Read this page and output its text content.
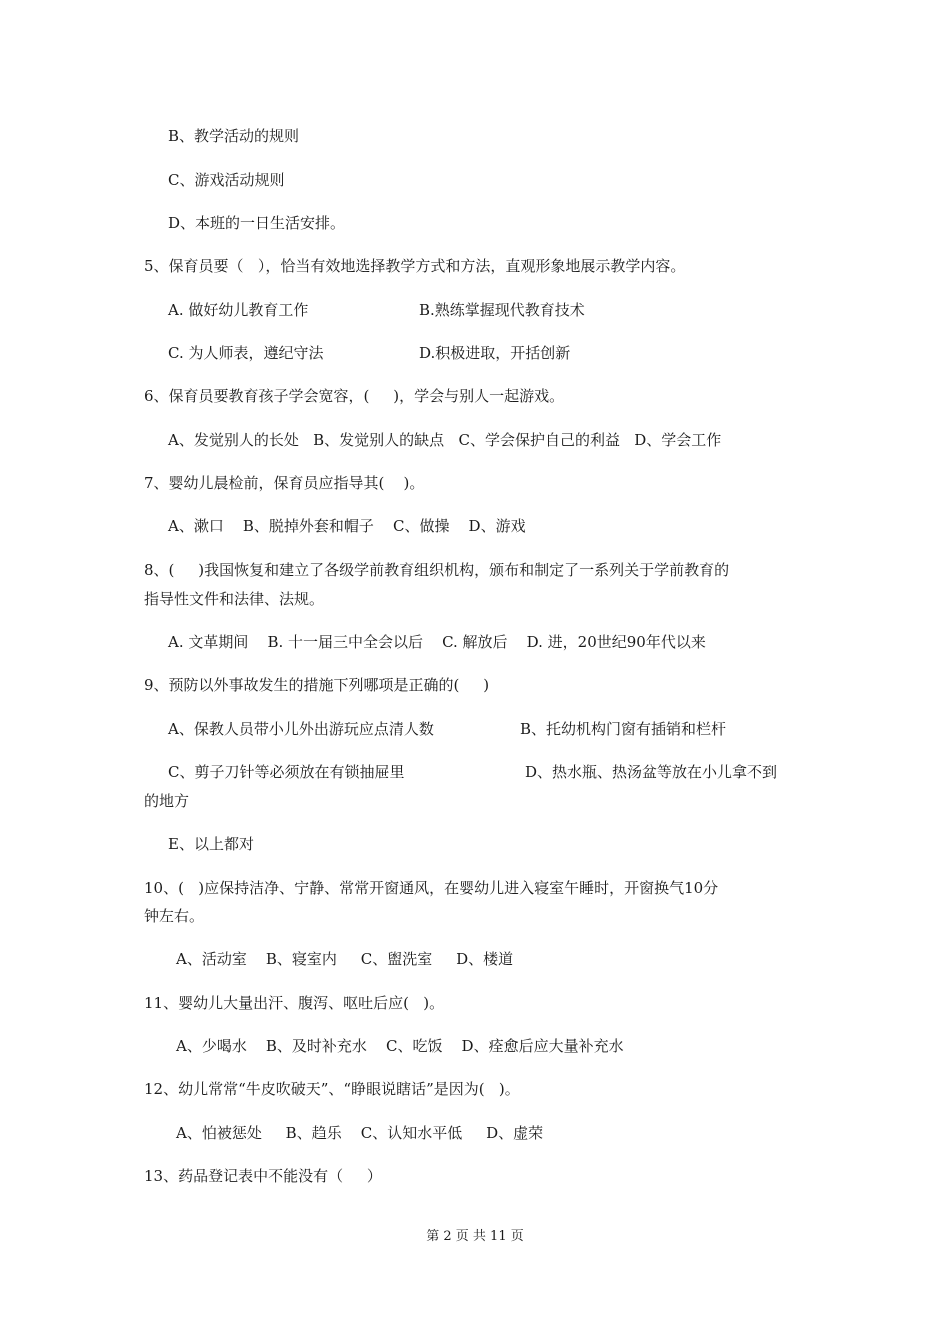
B、教学活动的规则
C、游戏活动规则
D、本班的一日生活安排。
5、保育员要（   ），恰当有效地选择教学方式和方法，直观形象地展示教学内容。
A. 做好幼儿教育工作	B.熟练掌握现代教育技术
C. 为人师表，遵纪守法	D.积极进取，开括创新
6、保育员要教育孩子学会宽容，(     )，学会与别人一起游戏。
A、发觉别人的长处   B、发觉别人的缺点   C、学会保护自己的利益   D、学会工作
7、婴幼儿晨检前，保育员应指导其(    )。
A、漱口    B、脱掉外套和帽子    C、做操    D、游戏
8、(     )我国恢复和建立了各级学前教育组织机构，颁布和制定了一系列关于学前教育的
指导性文件和法律、法规。
A. 文革期间    B. 十一届三中全会以后    C. 解放后    D. 进，20世纪90年代以来
9、预防以外事故发生的措施下列哪项是正确的(     )
A、保教人员带小儿外出游玩应点清人数	B、托幼机构门窗有插销和栏杆
C、剪子刀针等必须放在有锁抽屉里	D、热水瓶、热汤盆等放在小儿拿不到
的地方
E、以上都对
10、(   )应保持洁净、宁静、常常开窗通风，在婴幼儿进入寝室午睡时，开窗换气10分
钟左右。
A、活动室    B、寝室内     C、盥洗室     D、楼道
11、婴幼儿大量出汗、腹泻、呕吐后应(   )。
A、少喝水    B、及时补充水    C、吃饭    D、痊愈后应大量补充水
12、幼儿常常“牛皮吹破天”、“睁眼说瞎话”是因为(   )。
A、怕被惩处     B、趋乐    C、认知水平低     D、虚荣
13、药品登记表中不能没有（     ）
第 2 页 共 11 页
